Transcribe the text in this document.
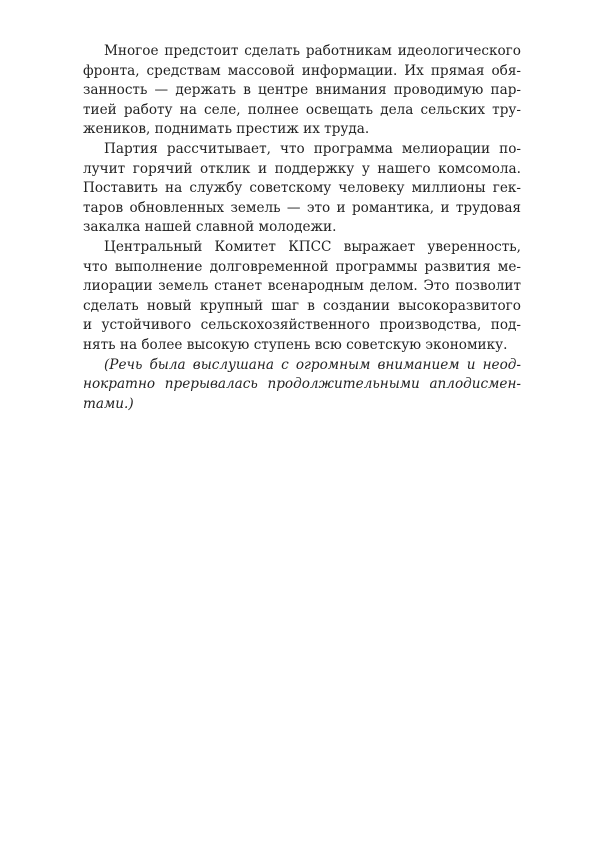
Многое предстоит сделать работникам идеологического
фронта, средствам массовой информации. Их прямая обя-
занность — держать в центре внимания проводимую пар-
тией работу на селе, полнее освещать дела сельских тру-
жеников, поднимать престиж их труда.
Партия рассчитывает, что программа мелиорации по-
лучит горячий отклик и поддержку у нашего комсомола.
Поставить на службу советскому человеку миллионы гек-
таров обновленных земель — это и романтика, и трудовая
закалка нашей славной молодежи.
Центральный Комитет КПСС выражает уверенность,
что выполнение долговременной программы развития ме-
лиорации земель станет всенародным делом. Это позволит
сделать новый крупный шаг в создании высокоразвитого
и устойчивого сельскохозяйственного производства, под-
нять на более высокую ступень всю советскую экономику.
(Речь была выслушана с огромным вниманием и неод-
нократно прерывалась продолжительными аплодисмен-
тами.)
